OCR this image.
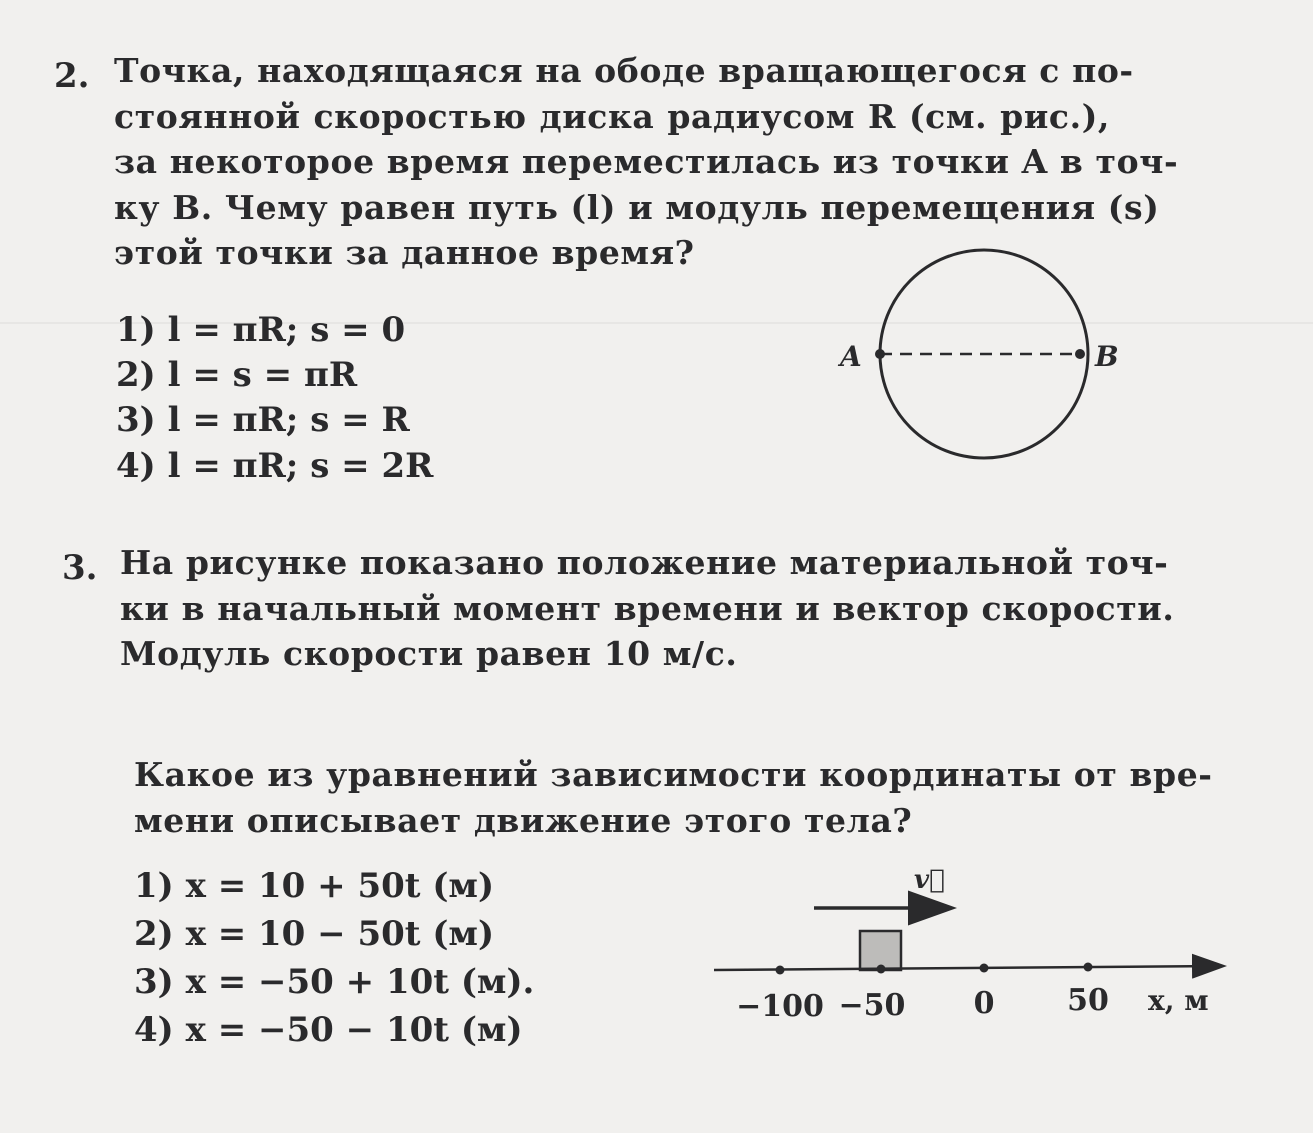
2. Точка, находящаяся на ободе вращающегося с по-
стоянной скоростью диска радиусом R (см. рис.),
за некоторое время переместилась из точки A в точ-
ку B. Чему равен путь (l) и модуль перемещения (s)
этой точки за данное время?
1) l = πR; s = 0
2) l = s = πR
3) l = πR; s = R
4) l = πR; s = 2R
A	B
3. На рисунке показано положение материальной точ-
ки в начальный момент времени и вектор скорости.
Модуль скорости равен 10 м/с.
Какое из уравнений зависимости координаты от вре-
мени описывает движение этого тела?
1) x = 10 + 50t (м)
2) x = 10 − 50t (м)
3) x = −50 + 10t (м).
4) x = −50 − 10t (м)
v⃗
−100 −50 0 50 x, м
